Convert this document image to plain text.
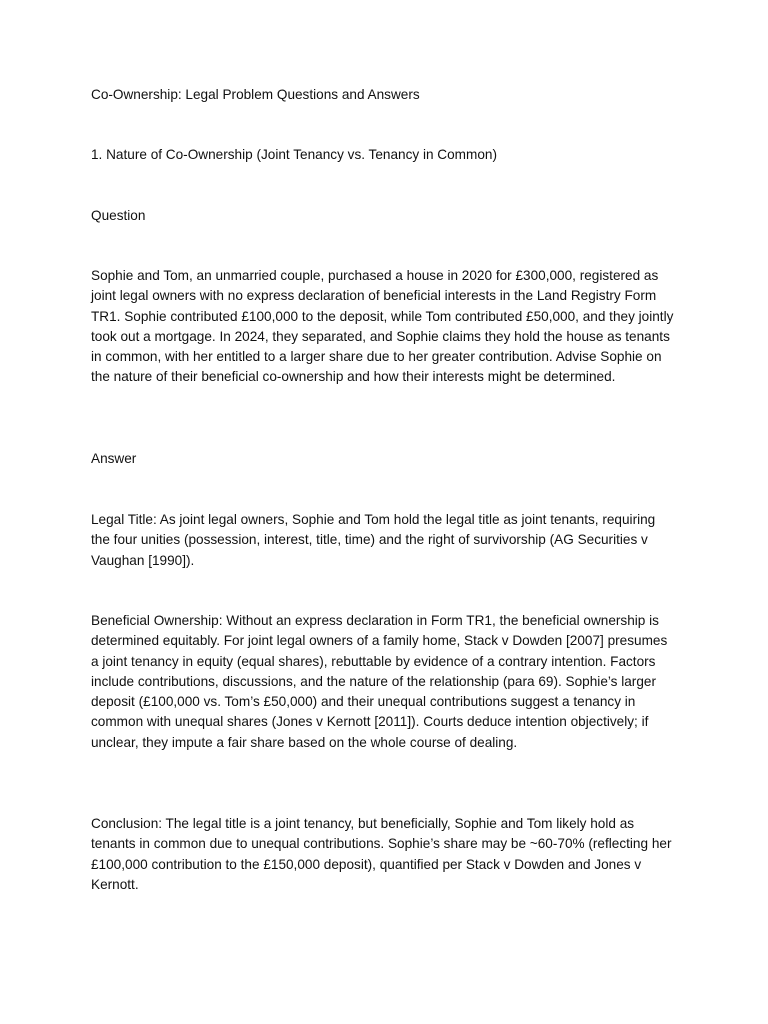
Co-Ownership: Legal Problem Questions and Answers

1. Nature of Co-Ownership (Joint Tenancy vs. Tenancy in Common)

Question

Sophie and Tom, an unmarried couple, purchased a house in 2020 for £300,000, registered as joint legal owners with no express declaration of beneficial interests in the Land Registry Form TR1. Sophie contributed £100,000 to the deposit, while Tom contributed £50,000, and they jointly took out a mortgage. In 2024, they separated, and Sophie claims they hold the house as tenants in common, with her entitled to a larger share due to her greater contribution. Advise Sophie on the nature of their beneficial co-ownership and how their interests might be determined.

Answer

Legal Title: As joint legal owners, Sophie and Tom hold the legal title as joint tenants, requiring the four unities (possession, interest, title, time) and the right of survivorship (AG Securities v Vaughan [1990]).

Beneficial Ownership: Without an express declaration in Form TR1, the beneficial ownership is determined equitably. For joint legal owners of a family home, Stack v Dowden [2007] presumes a joint tenancy in equity (equal shares), rebuttable by evidence of a contrary intention. Factors include contributions, discussions, and the nature of the relationship (para 69). Sophie’s larger deposit (£100,000 vs. Tom’s £50,000) and their unequal contributions suggest a tenancy in common with unequal shares (Jones v Kernott [2011]). Courts deduce intention objectively; if unclear, they impute a fair share based on the whole course of dealing.

Conclusion: The legal title is a joint tenancy, but beneficially, Sophie and Tom likely hold as tenants in common due to unequal contributions. Sophie’s share may be ~60-70% (reflecting her £100,000 contribution to the £150,000 deposit), quantified per Stack v Dowden and Jones v Kernott.
